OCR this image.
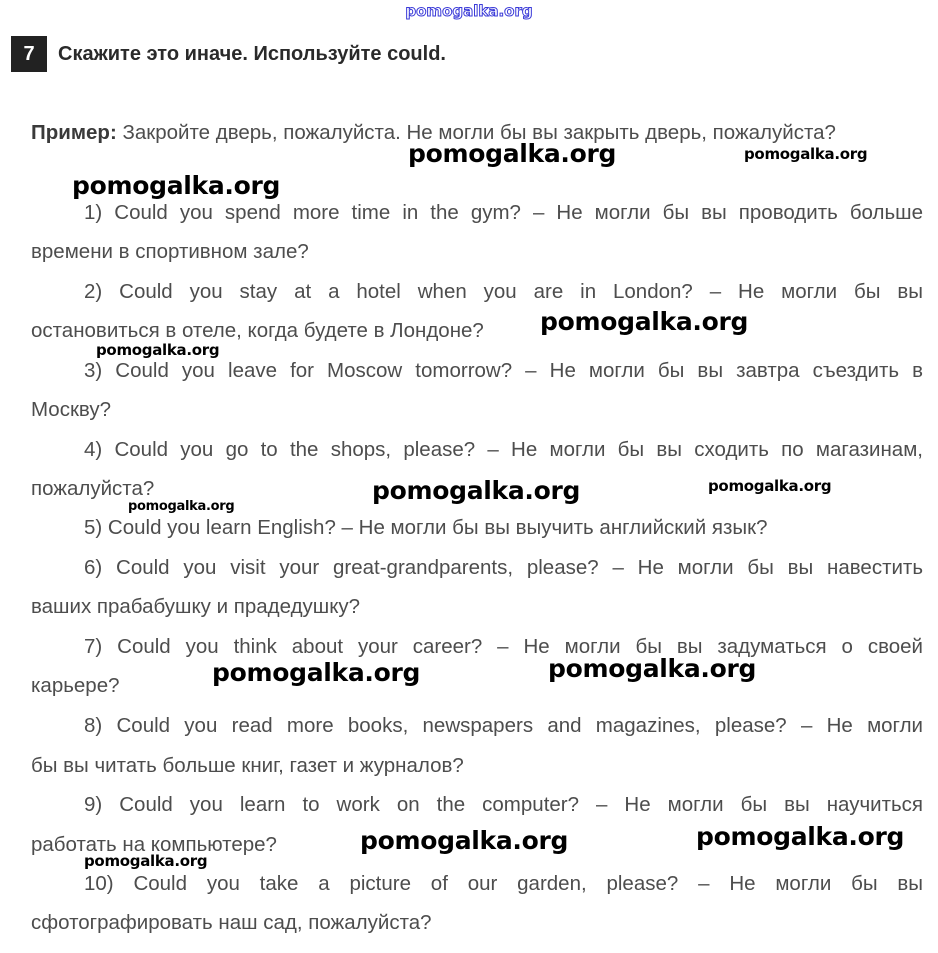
pomogalka.org
7	Скажите это иначе. Используйте could.
Пример: Закройте дверь, пожалуйста. Не могли бы вы закрыть дверь, пожалуйста?
1) Could you spend more time in the gym? – Не могли бы вы проводить больше
времени в спортивном зале?
2) Could you stay at a hotel when you are in London? – Не могли бы вы
остановиться в отеле, когда будете в Лондоне?
3) Could you leave for Moscow tomorrow? – Не могли бы вы завтра съездить в
Москву?
4) Could you go to the shops, please? – Не могли бы вы сходить по магазинам,
пожалуйста?
5) Could you learn English? – Не могли бы вы выучить английский язык?
6) Could you visit your great-grandparents, please? – Не могли бы вы навестить
ваших прабабушку и прадедушку?
7) Could you think about your career? – Не могли бы вы задуматься о своей
карьере?
8) Could you read more books, newspapers and magazines, please? – Не могли
бы вы читать больше книг, газет и журналов?
9) Could you learn to work on the computer? – Не могли бы вы научиться
работать на компьютере?
10) Could you take a picture of our garden, please? – Не могли бы вы
сфотографировать наш сад, пожалуйста?
pomogalka.org	pomogalka.org
pomogalka.org
pomogalka.org
pomogalka.org
pomogalka.org	pomogalka.org
pomogalka.org
pomogalka.org
pomogalka.org
pomogalka.org
pomogalka.org
pomogalka.org
